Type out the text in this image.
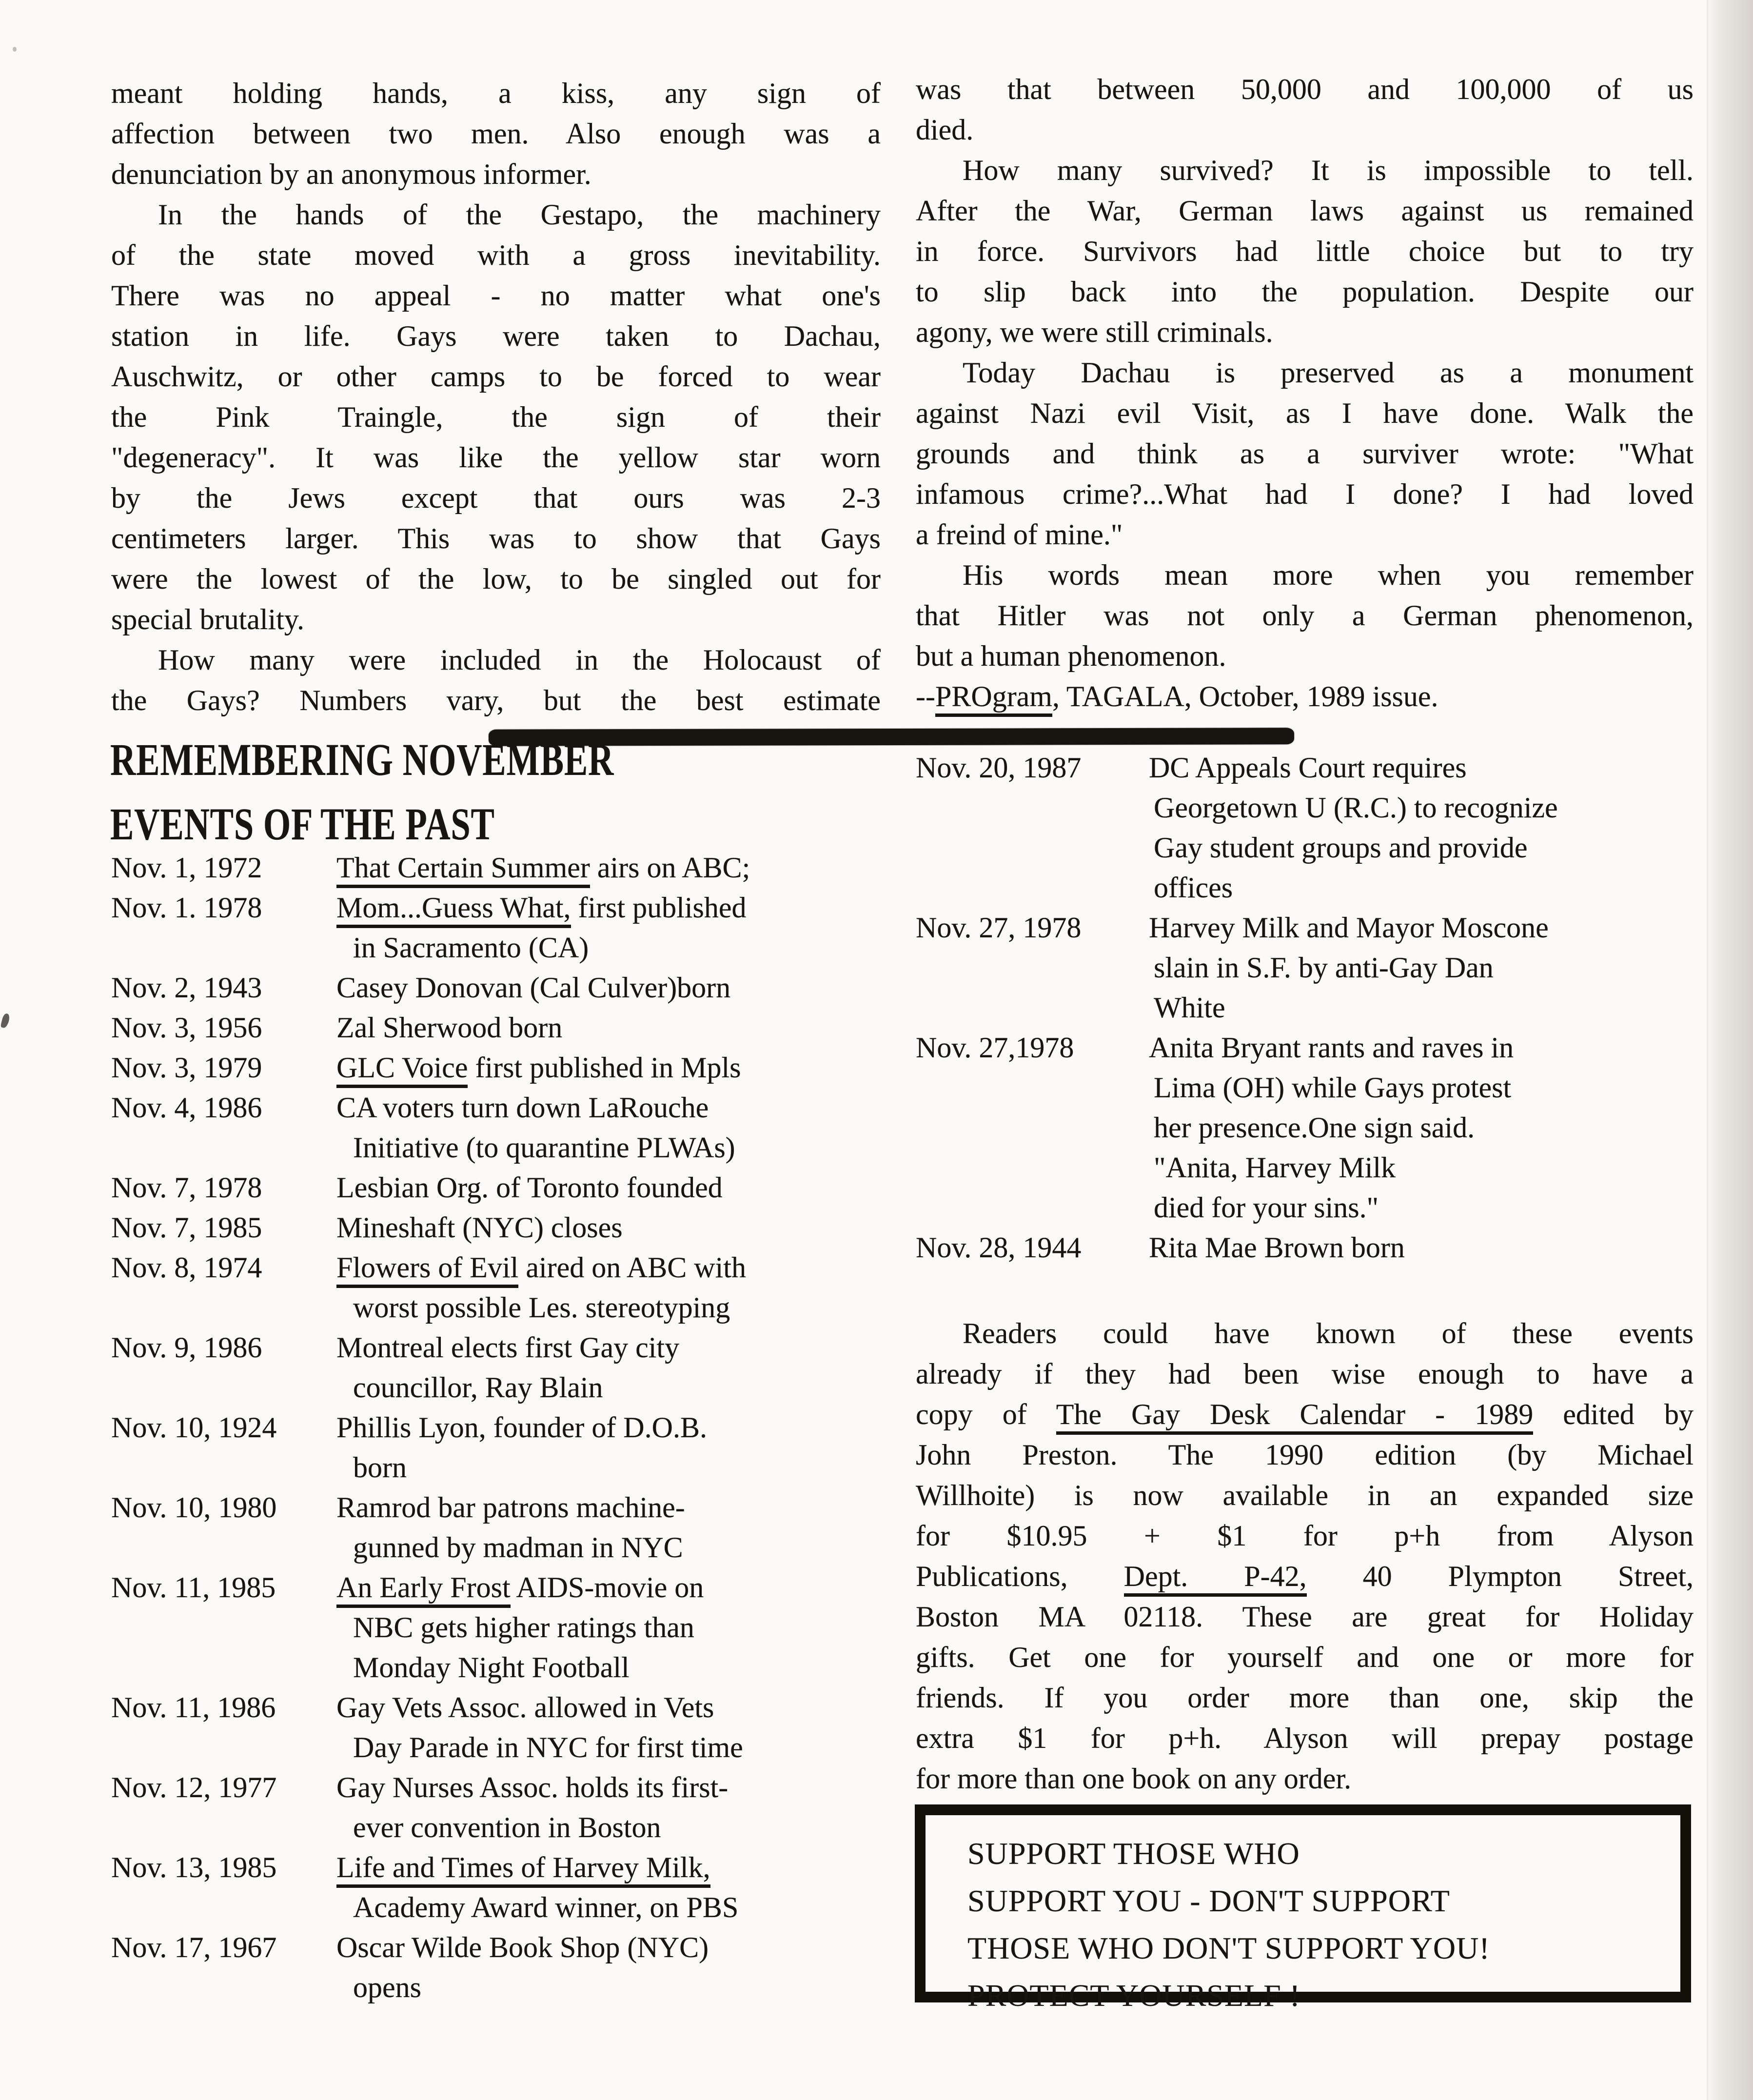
meant holding hands, a kiss, any sign of
affection between two men. Also enough was a
denunciation by an anonymous informer.
In the hands of the Gestapo, the machinery
of the state moved with a gross inevitability.
There was no appeal - no matter what one's
station in life. Gays were taken to Dachau,
Auschwitz, or other camps to be forced to wear
the Pink Traingle, the sign of their
"degeneracy". It was like the yellow star worn
by the Jews except that ours was 2-3
centimeters larger. This was to show that Gays
were the lowest of the low, to be singled out for
special brutality.
How many were included in the Holocaust of
the Gays? Numbers vary, but the best estimate
was that between 50,000 and 100,000 of us
died.
How many survived? It is impossible to tell.
After the War, German laws against us remained
in force. Survivors had little choice but to try
to slip back into the population. Despite our
agony, we were still criminals.
Today Dachau is preserved as a monument
against Nazi evil Visit, as I have done. Walk the
grounds and think as a surviver wrote: "What
infamous crime?...What had I done? I had loved
a freind of mine."
His words mean more when you remember
that Hitler was not only a German phenomenon,
but a human phenomenon.
--PROgram, TAGALA, October, 1989 issue.
REMEMBERING NOVEMBER
EVENTS OF THE PAST
Nov. 1, 1972	That Certain Summer airs on ABC;
Nov. 1. 1978	Mom...Guess What, first published
in Sacramento (CA)
Nov. 2, 1943	Casey Donovan (Cal Culver)born
Nov. 3, 1956	Zal Sherwood born
Nov. 3, 1979	GLC Voice first published in Mpls
Nov. 4, 1986	CA voters turn down LaRouche
Initiative (to quarantine PLWAs)
Nov. 7, 1978	Lesbian Org. of Toronto founded
Nov. 7, 1985	Mineshaft (NYC) closes
Nov. 8, 1974	Flowers of Evil aired on ABC with
worst possible Les. stereotyping
Nov. 9, 1986	Montreal elects first Gay city
councillor, Ray Blain
Nov. 10, 1924	Phillis Lyon, founder of D.O.B.
born
Nov. 10, 1980	Ramrod bar patrons machine-
gunned by madman in NYC
Nov. 11, 1985	An Early Frost AIDS-movie on
NBC gets higher ratings than
Monday Night Football
Nov. 11, 1986	Gay Vets Assoc. allowed in Vets
Day Parade in NYC for first time
Nov. 12, 1977	Gay Nurses Assoc. holds its first-
ever convention in Boston
Nov. 13, 1985	Life and Times of Harvey Milk,
Academy Award winner, on PBS
Nov. 17, 1967	Oscar Wilde Book Shop (NYC)
opens
Nov. 20, 1987	DC Appeals Court requires
Georgetown U (R.C.) to recognize
Gay student groups and provide
offices
Nov. 27, 1978	Harvey Milk and Mayor Moscone
slain in S.F. by anti-Gay Dan
White
Nov. 27,1978	Anita Bryant rants and raves in
Lima (OH) while Gays protest
her presence.One sign said.
"Anita, Harvey Milk
died for your sins."
Nov. 28, 1944	Rita Mae Brown born
Readers could have known of these events
already if they had been wise enough to have a
copy of The Gay Desk Calendar - 1989 edited by
John Preston. The 1990 edition (by Michael
Willhoite) is now available in an expanded size
for $10.95 + $1 for p+h from Alyson
Publications, Dept. P-42, 40 Plympton Street,
Boston MA 02118. These are great for Holiday
gifts. Get one for yourself and one or more for
friends. If you order more than one, skip the
extra $1 for p+h. Alyson will prepay postage
for more than one book on any order.
SUPPORT THOSE WHO
SUPPORT YOU - DON'T SUPPORT
THOSE WHO DON'T SUPPORT YOU!
PROTECT YOURSELF !
